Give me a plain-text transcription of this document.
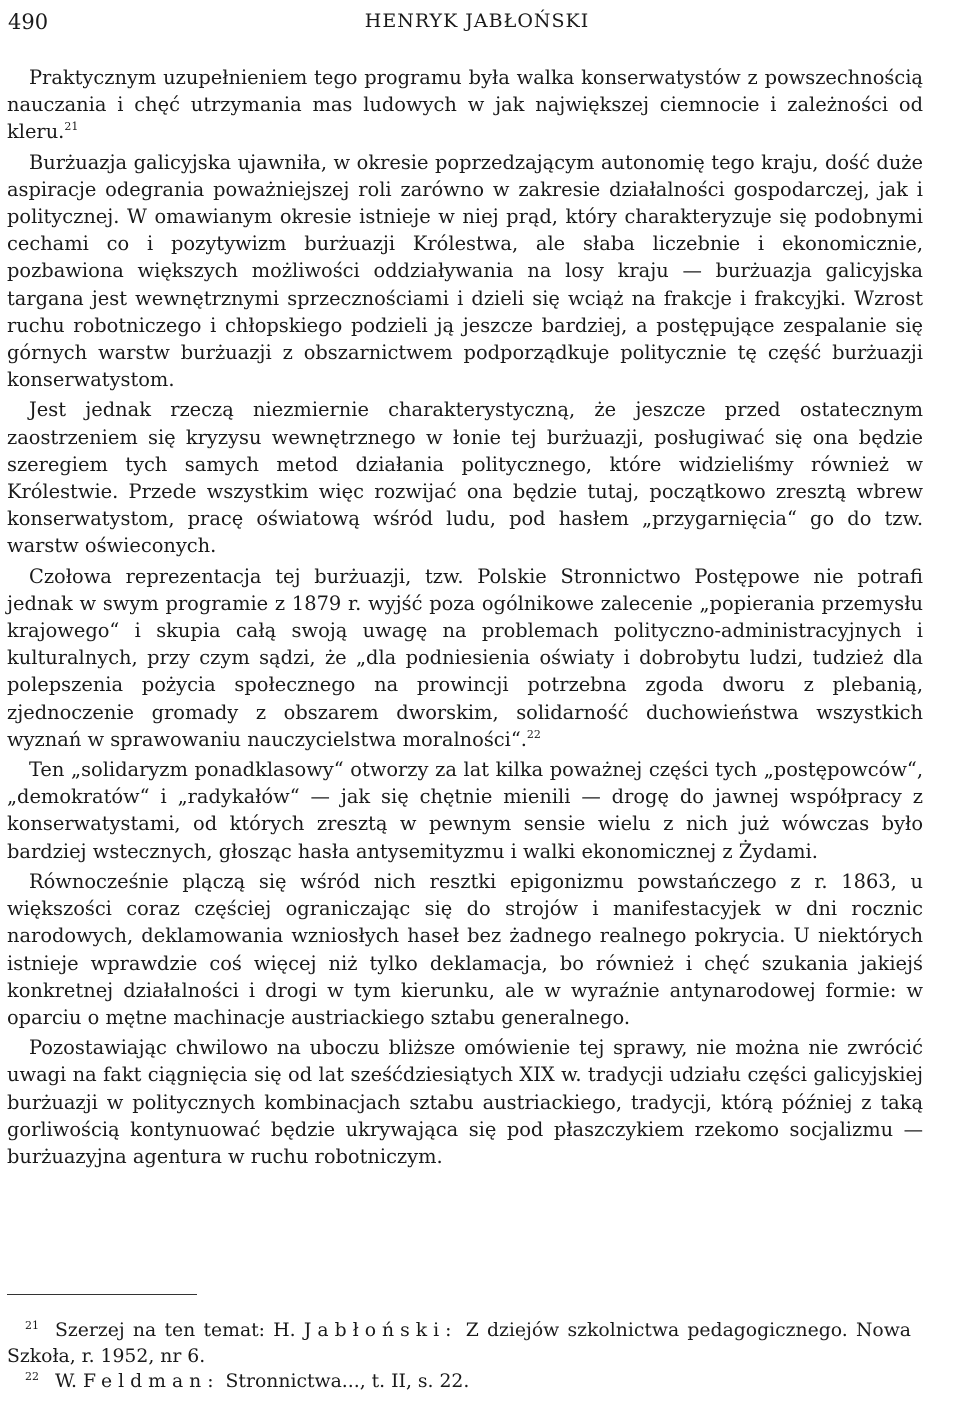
490	HENRYK JABŁOŃSKI

Praktycznym uzupełnieniem tego programu była walka konserwatystów z powszechnością nauczania i chęć utrzymania mas ludowych w jak największej ciemnocie i zależności od kleru.$^{21}$

Burżuazja galicyjska ujawniła, w okresie poprzedzającym autonomię tego kraju, dość duże aspiracje odegrania poważniejszej roli zarówno w zakresie działalności gospodarczej, jak i politycznej. W omawianym okresie istnieje w niej prąd, który charakteryzuje się podobnymi cechami co i pozytywizm burżuazji Królestwa, ale słaba liczebnie i ekonomicznie, pozbawiona większych możliwości oddziaływania na losy kraju — burżuazja galicyjska targana jest wewnętrznymi sprzecznościami i dzieli się wciąż na frakcje i frakcyjki. Wzrost ruchu robotniczego i chłopskiego podzieli ją jeszcze bardziej, a postępujące zespalanie się górnych warstw burżuazji z obszarnictwem podporządkuje politycznie tę część burżuazji konserwatystom.

Jest jednak rzeczą niezmiernie charakterystyczną, że jeszcze przed ostatecznym zaostrzeniem się kryzysu wewnętrznego w łonie tej burżuazji, posługiwać się ona będzie szeregiem tych samych metod działania politycznego, które widzieliśmy również w Królestwie. Przede wszystkim więc rozwijać ona będzie tutaj, początkowo zresztą wbrew konserwatystom, pracę oświatową wśród ludu, pod hasłem „przygarnięcia“ go do tzw. warstw oświeconych.

Czołowa reprezentacja tej burżuazji, tzw. Polskie Stronnictwo Postępowe nie potrafi jednak w swym programie z 1879 r. wyjść poza ogólnikowe zalecenie „popierania przemysłu krajowego“ i skupia całą swoją uwagę na problemach polityczno-administracyjnych i kulturalnych, przy czym sądzi, że „dla podniesienia oświaty i dobrobytu ludzi, tudzież dla polepszenia pożycia społecznego na prowincji potrzebna zgoda dworu z plebanią, zjednoczenie gromady z obszarem dworskim, solidarność duchowieństwa wszystkich wyznań w sprawowaniu nauczycielstwa moralności“.$^{22}$

Ten „solidaryzm ponadklasowy“ otworzy za lat kilka poważnej części tych „postępowców“, „demokratów“ i „radykałów“ — jak się chętnie mienili — drogę do jawnej współpracy z konserwatystami, od których zresztą w pewnym sensie wielu z nich już wówczas było bardziej wstecznych, głosząc hasła antysemityzmu i walki ekonomicznej z Żydami.

Równocześnie plączą się wśród nich resztki epigonizmu powstańczego z r. 1863, u większości coraz częściej ograniczając się do strojów i manifestacyjek w dni rocznic narodowych, deklamowania wzniosłych haseł bez żadnego realnego pokrycia. U niektórych istnieje wprawdzie coś więcej niż tylko deklamacja, bo również i chęć szukania jakiejś konkretnej działalności i drogi w tym kierunku, ale w wyraźnie antynarodowej formie: w oparciu o mętne machinacje austriackiego sztabu generalnego.

Pozostawiając chwilowo na uboczu bliższe omówienie tej sprawy, nie można nie zwrócić uwagi na fakt ciągnięcia się od lat sześćdziesiątych XIX w. tradycji udziału części galicyjskiej burżuazji w politycznych kombinacjach sztabu austriackiego, tradycji, którą później z taką gorliwością kontynuować będzie ukrywająca się pod płaszczykiem rzekomo socjalizmu — burżuazyjna agentura w ruchu robotniczym.

$^{21}$ Szerzej na ten temat: H. Jabłoński: Z dziejów szkolnictwa pedagogicznego. Nowa Szkoła, r. 1952, nr 6.

$^{22}$ W. Feldman: Stronnictwa..., t. II, s. 22.
